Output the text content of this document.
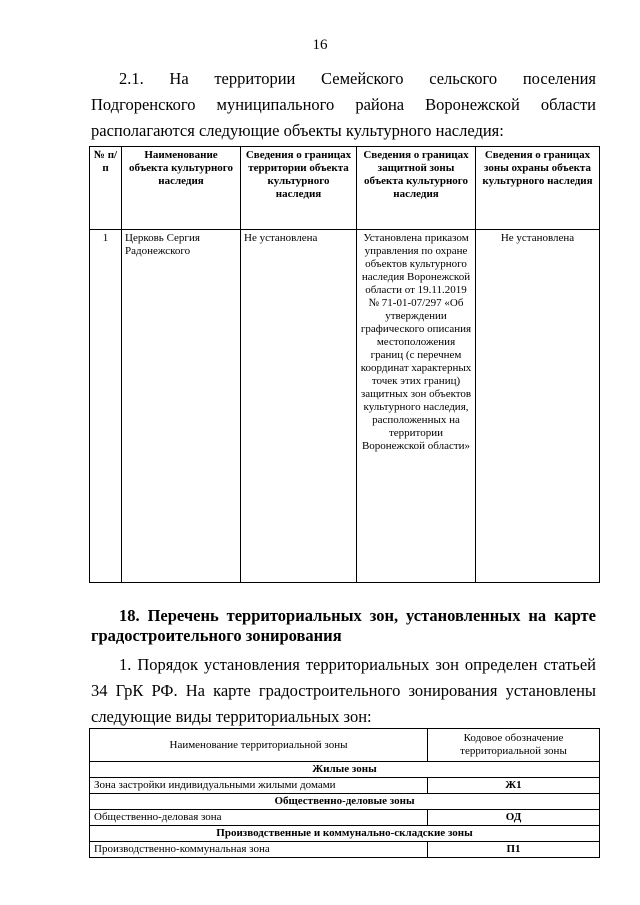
16
2.1. На территории Семейского сельского поселения Подгоренского муниципального района Воронежской области располагаются следующие объекты культурного наследия:
№ п/п	Наименование объекта культурного наследия	Сведения о границах территории объекта культурного наследия	Сведения о границах защитной зоны объекта культурного наследия	Сведения о границах зоны охраны объекта культурного наследия
1	Церковь Сергия Радонежского	Не установлена	Установлена приказом управления по охране объектов культурного наследия Воронежской области от 19.11.2019 № 71-01-07/297 «Об утверждении графического описания местоположения границ (с перечнем координат характерных точек этих границ) защитных зон объектов культурного наследия, расположенных на территории Воронежской области»	Не установлена
18. Перечень территориальных зон, установленных на карте градостроительного зонирования
1. Порядок установления территориальных зон определен статьей 34 ГрК РФ. На карте градостроительного зонирования установлены следующие виды территориальных зон:
Наименование территориальной зоны	Кодовое обозначение территориальной зоны
Жилые зоны	
Зона застройки индивидуальными жилыми домами	Ж1
Общественно-деловые зоны	
Общественно-деловая зона	ОД
Производственные и коммунально-складские зоны	
Производственно-коммунальная зона	П1
